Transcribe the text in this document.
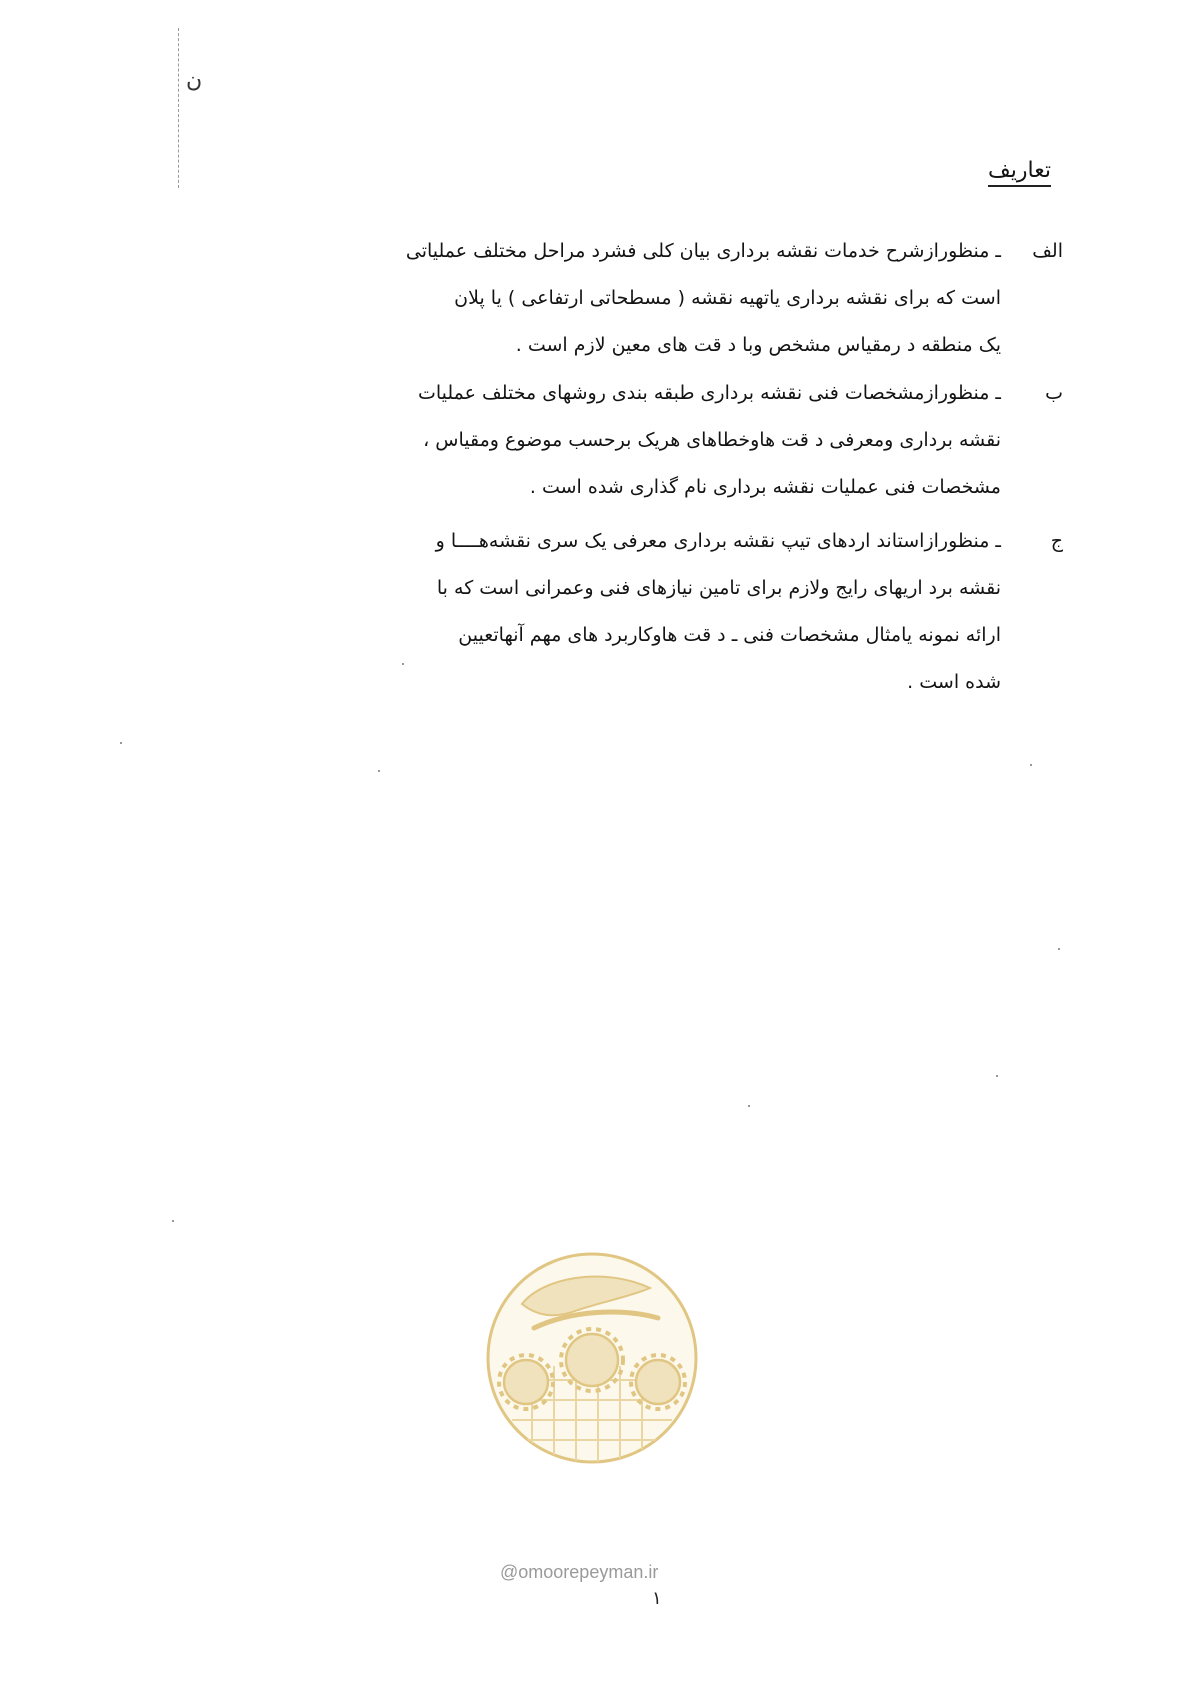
ن
تعاریف
الف
ـ منظورازشرح خدمات نقشه برداری بیان کلی فشرد مراحل مختلف عملیاتی
است که برای نقشه برداری یاتهیه نقشه ( مسطحاتی ارتفاعی ) یا پلان
یک منطقه د رمقیاس مشخص وبا د قت های معین لازم است .
ب
ـ منظورازمشخصات فنی نقشه برداری طبقه بندی روشهای مختلف عملیات
نقشه برداری ومعرفی د قت هاوخطاهای هریک برحسب موضوع ومقیاس ،
مشخصات فنی عملیات نقشه برداری نام گذاری شده است .
ج
ـ منظورازاستاند اردهای تیپ نقشه برداری معرفی یک سری نقشه‌هــــا و
نقشه برد اریهای رایج ولازم برای تامین نیازهای فنی وعمرانی است که با
ارائه نمونه یامثال مشخصات فنی ـ د قت هاوکاربرد های مهم آنهاتعیین
شده است .
@omoorepeyman.ir
۱
